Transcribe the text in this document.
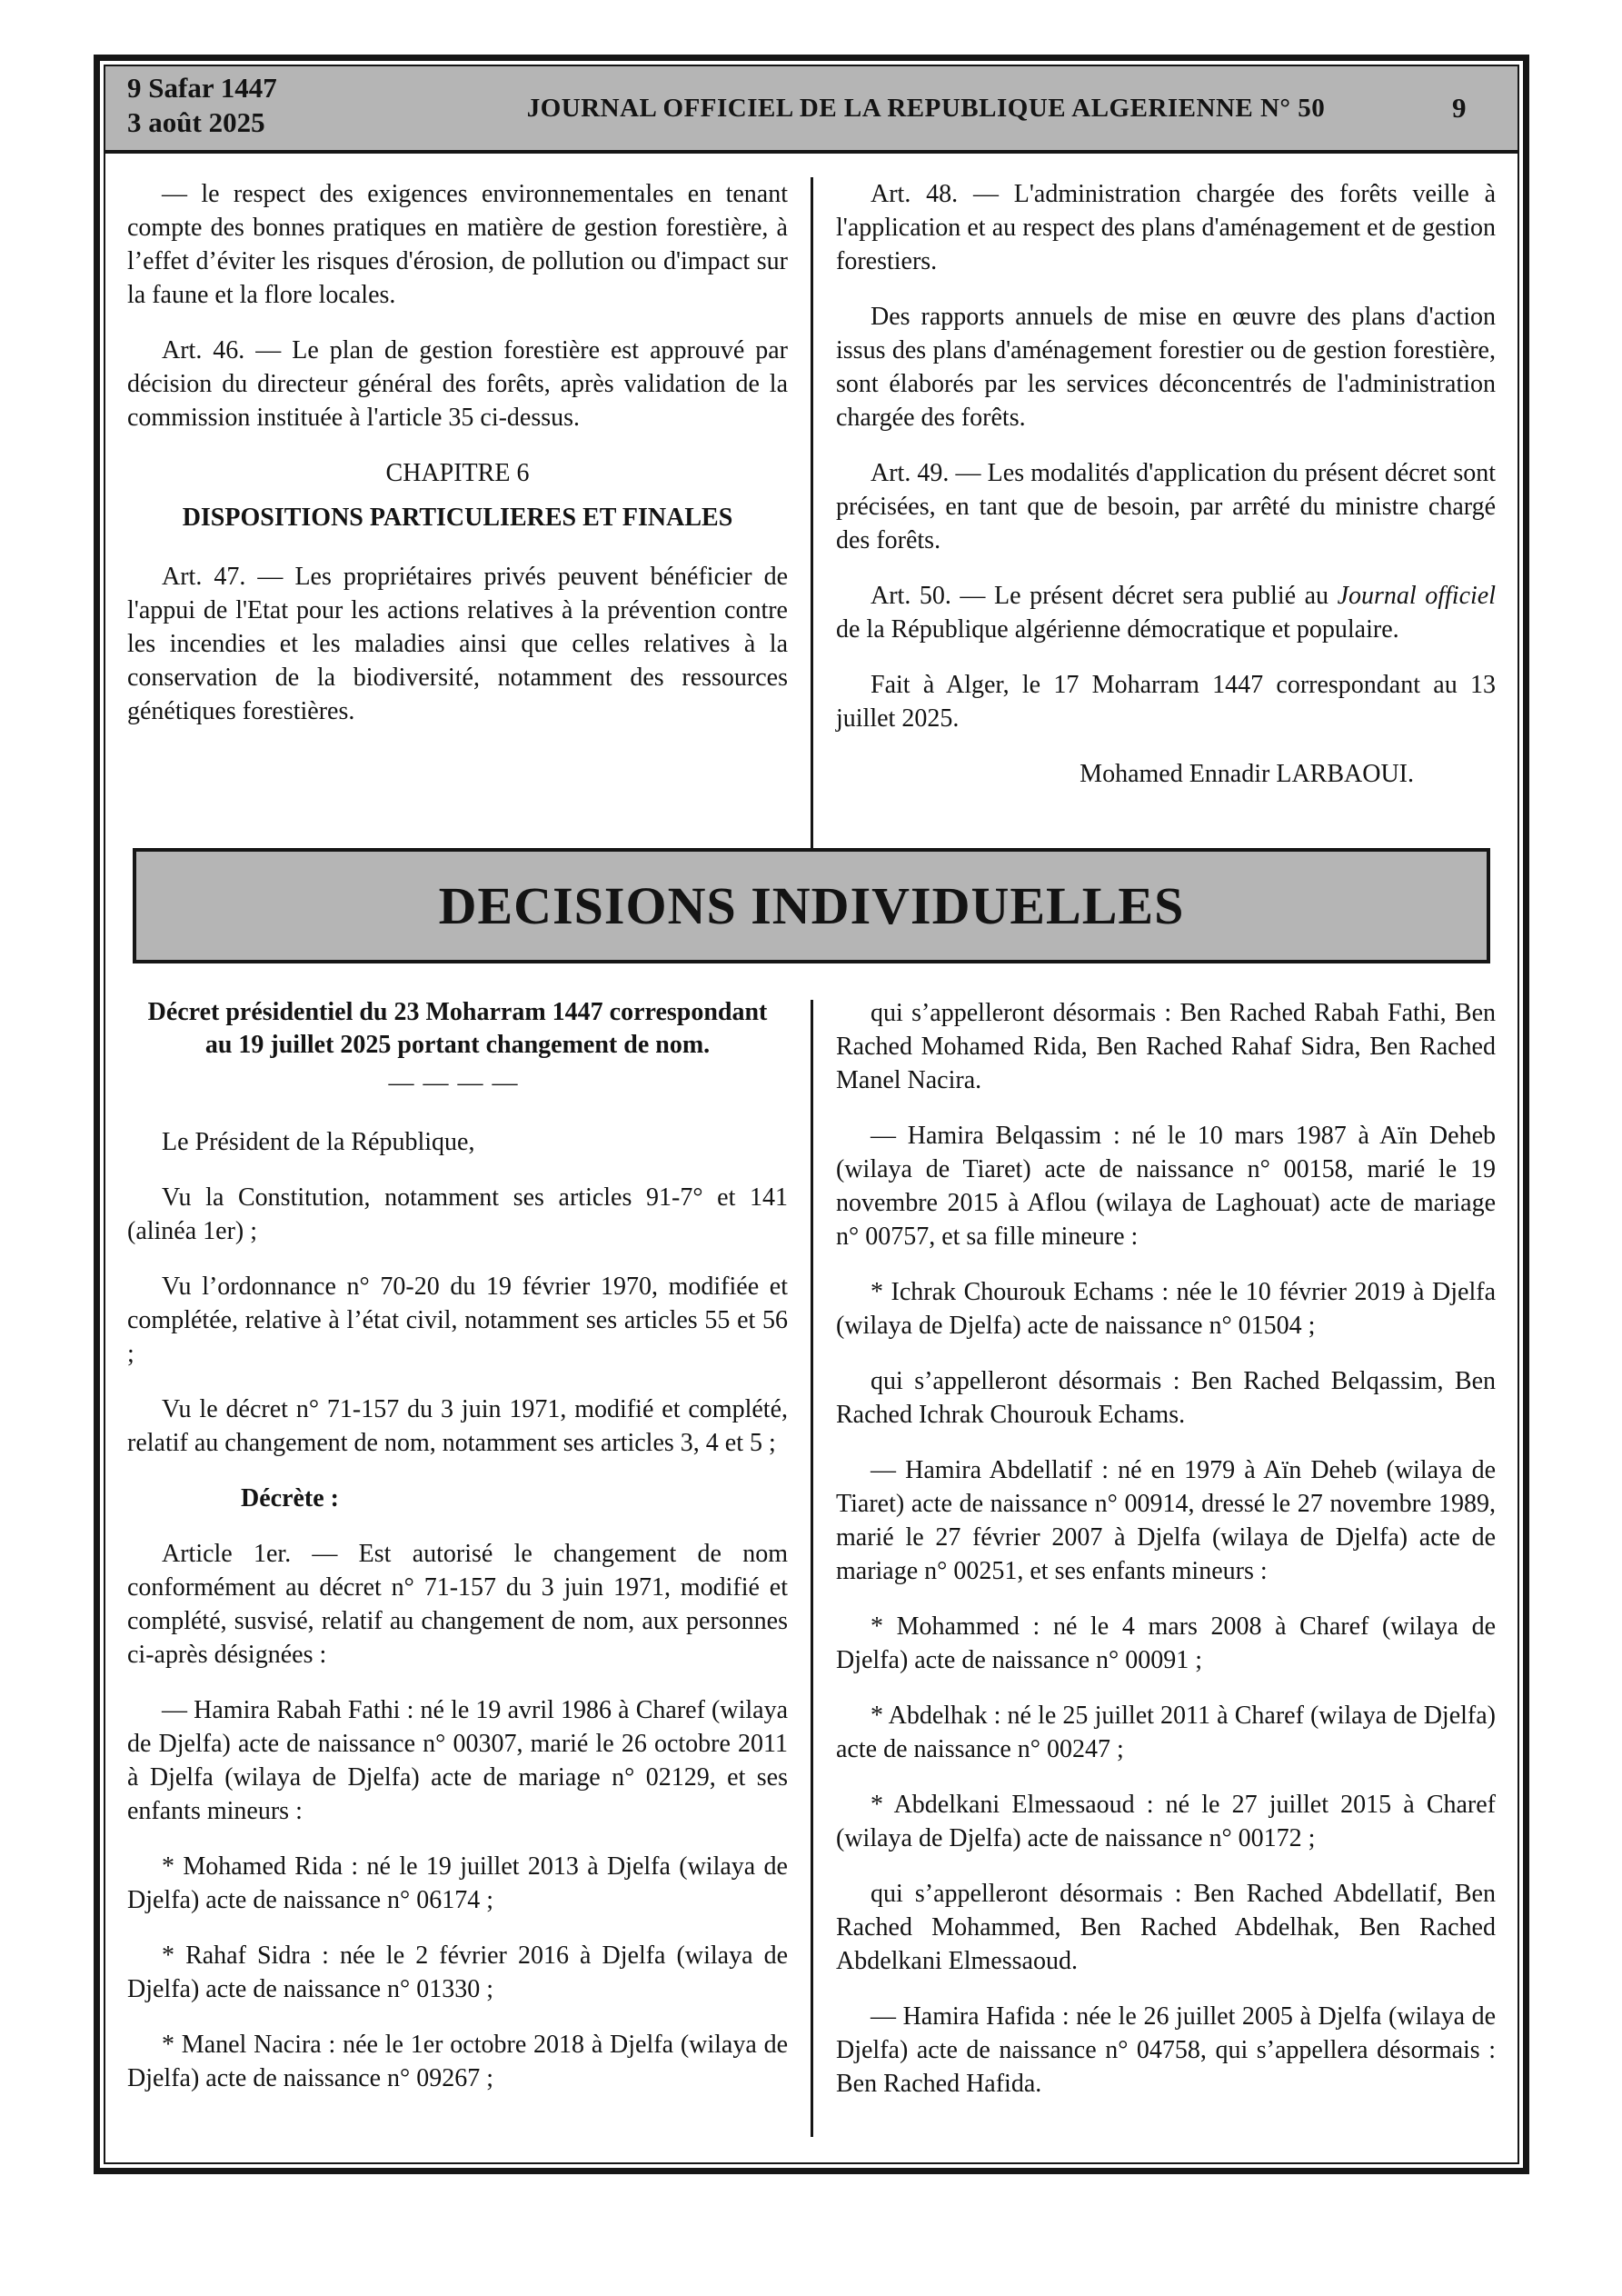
9 Safar 1447
3 août 2025	JOURNAL OFFICIEL DE LA REPUBLIQUE ALGERIENNE N° 50	9

— le respect des exigences environnementales en tenant compte des bonnes pratiques en matière de gestion forestière, à l’effet d’éviter les risques d'érosion, de pollution ou d'impact sur la faune et la flore locales.

Art. 46. — Le plan de gestion forestière est approuvé par décision du directeur général des forêts, après validation de la commission instituée à l'article 35 ci-dessus.

CHAPITRE 6

DISPOSITIONS PARTICULIERES ET FINALES

Art. 47. — Les propriétaires privés peuvent bénéficier de l'appui de l'Etat pour les actions relatives à la prévention contre les incendies et les maladies ainsi que celles relatives à la conservation de la biodiversité, notamment des ressources génétiques forestières.

Art. 48. — L'administration chargée des forêts veille à l'application et au respect des plans d'aménagement et de gestion forestiers.

Des rapports annuels de mise en œuvre des plans d'action issus des plans d'aménagement forestier ou de gestion forestière, sont élaborés par les services déconcentrés de l'administration chargée des forêts.

Art. 49. — Les modalités d'application du présent décret sont précisées, en tant que de besoin, par arrêté du ministre chargé des forêts.

Art. 50. — Le présent décret sera publié au Journal officiel de la République algérienne démocratique et populaire.

Fait à Alger, le 17 Moharram 1447 correspondant au 13 juillet 2025.

Mohamed Ennadir LARBAOUI.

DECISIONS INDIVIDUELLES

Décret présidentiel du 23 Moharram 1447 correspondant

au 19 juillet 2025 portant changement de nom.

————

Le Président de la République,

Vu la Constitution, notamment ses articles 91-7° et 141 (alinéa 1er) ;

Vu l’ordonnance n° 70-20 du 19 février 1970, modifiée et complétée, relative à l’état civil, notamment ses articles 55 et 56 ;

Vu le décret n° 71-157 du 3 juin 1971, modifié et complété, relatif au changement de nom, notamment ses articles 3, 4 et 5 ;

Décrète :

Article 1er. — Est autorisé le changement de nom conformément au décret n° 71-157 du 3 juin 1971, modifié et complété, susvisé, relatif au changement de nom, aux personnes ci-après désignées :

— Hamira Rabah Fathi : né le 19 avril 1986 à Charef (wilaya de Djelfa) acte de naissance n° 00307, marié le 26 octobre 2011 à Djelfa (wilaya de Djelfa) acte de mariage n° 02129, et ses enfants mineurs :

* Mohamed Rida : né le 19 juillet 2013 à Djelfa (wilaya de Djelfa) acte de naissance n° 06174 ;

* Rahaf Sidra : née le 2 février 2016 à Djelfa (wilaya de Djelfa) acte de naissance n° 01330 ;

* Manel Nacira : née le 1er octobre 2018 à Djelfa (wilaya de Djelfa) acte de naissance n° 09267 ;

qui s’appelleront désormais : Ben Rached Rabah Fathi, Ben Rached Mohamed Rida, Ben Rached Rahaf Sidra, Ben Rached Manel Nacira.

— Hamira Belqassim : né le 10 mars 1987 à Aïn Deheb (wilaya de Tiaret) acte de naissance n° 00158, marié le 19 novembre 2015 à Aflou (wilaya de Laghouat) acte de mariage n° 00757, et sa fille mineure :

* Ichrak Chourouk Echams : née le 10 février 2019 à Djelfa (wilaya de Djelfa) acte de naissance n° 01504 ;

qui s’appelleront désormais : Ben Rached Belqassim, Ben Rached Ichrak Chourouk Echams.

— Hamira Abdellatif : né en 1979 à Aïn Deheb (wilaya de Tiaret) acte de naissance n° 00914, dressé le 27 novembre 1989, marié le 27 février 2007 à Djelfa (wilaya de Djelfa) acte de mariage n° 00251, et ses enfants mineurs :

* Mohammed : né le 4 mars 2008 à Charef (wilaya de Djelfa) acte de naissance n° 00091 ;

* Abdelhak : né le 25 juillet 2011 à Charef (wilaya de Djelfa) acte de naissance n° 00247 ;

* Abdelkani Elmessaoud : né le 27 juillet 2015 à Charef (wilaya de Djelfa) acte de naissance n° 00172 ;

qui s’appelleront désormais : Ben Rached Abdellatif, Ben Rached Mohammed, Ben Rached Abdelhak, Ben Rached Abdelkani Elmessaoud.

— Hamira Hafida : née le 26 juillet 2005 à Djelfa (wilaya de Djelfa) acte de naissance n° 04758, qui s’appellera désormais : Ben Rached Hafida.
